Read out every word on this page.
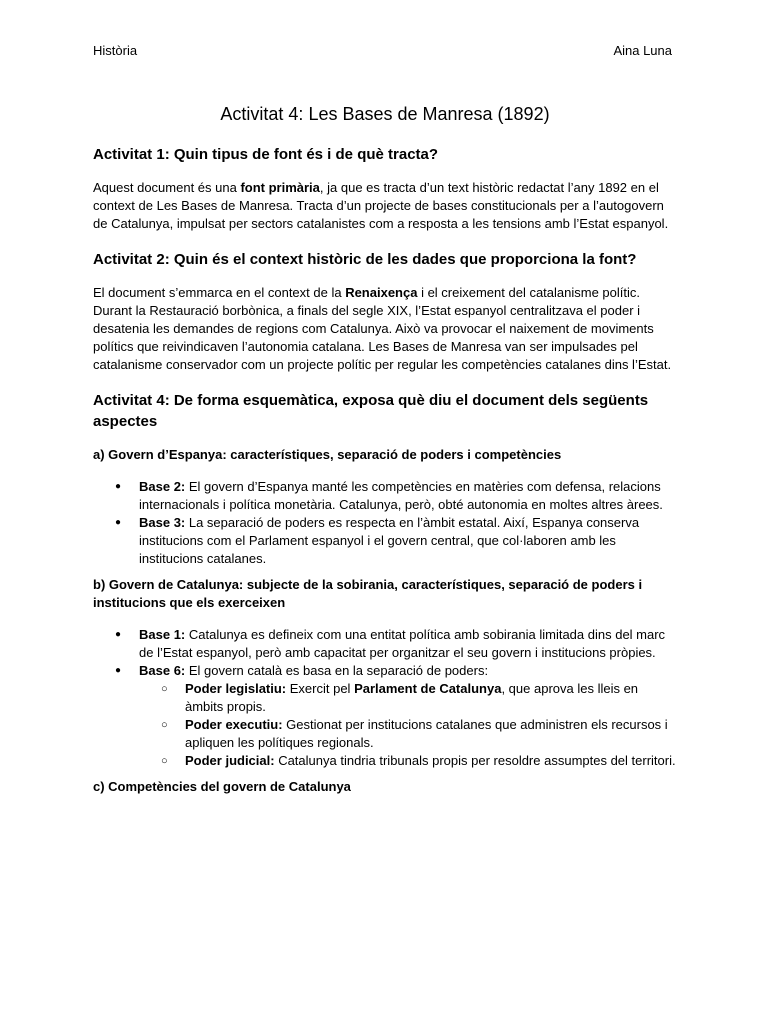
Història	Aina Luna
Activitat 4: Les Bases de Manresa (1892)
Activitat 1: Quin tipus de font és i de què tracta?

Aquest document és una font primària, ja que es tracta d’un text històric redactat l’any 1892 en el context de Les Bases de Manresa. Tracta d’un projecte de bases constitucionals per a l’autogovern de Catalunya, impulsat per sectors catalanistes com a resposta a les tensions amb l’Estat espanyol.

Activitat 2: Quin és el context històric de les dades que proporciona la font?

El document s’emmarca en el context de la Renaixença i el creixement del catalanisme polític. Durant la Restauració borbònica, a finals del segle XIX, l’Estat espanyol centralitzava el poder i desatenia les demandes de regions com Catalunya. Això va provocar el naixement de moviments polítics que reivindicaven l’autonomia catalana. Les Bases de Manresa van ser impulsades pel catalanisme conservador com un projecte polític per regular les competències catalanes dins l’Estat.

Activitat 4: De forma esquemàtica, exposa què diu el document dels següents aspectes
a) Govern d’Espanya: característiques, separació de poders i competències
● Base 2: El govern d’Espanya manté les competències en matèries com defensa, relacions internacionals i política monetària. Catalunya, però, obté autonomia en moltes altres àrees.
● Base 3: La separació de poders es respecta en l’àmbit estatal. Així, Espanya conserva institucions com el Parlament espanyol i el govern central, que col·laboren amb les institucions catalanes.
b) Govern de Catalunya: subjecte de la sobirania, característiques, separació de poders i institucions que els exerceixen
● Base 1: Catalunya es defineix com una entitat política amb sobirania limitada dins del marc de l’Estat espanyol, però amb capacitat per organitzar el seu govern i institucions pròpies.
● Base 6: El govern català es basa en la separació de poders:
○ Poder legislatiu: Exercit pel Parlament de Catalunya, que aprova les lleis en àmbits propis.
○ Poder executiu: Gestionat per institucions catalanes que administren els recursos i apliquen les polítiques regionals.
○ Poder judicial: Catalunya tindria tribunals propis per resoldre assumptes del territori.
c) Competències del govern de Catalunya
